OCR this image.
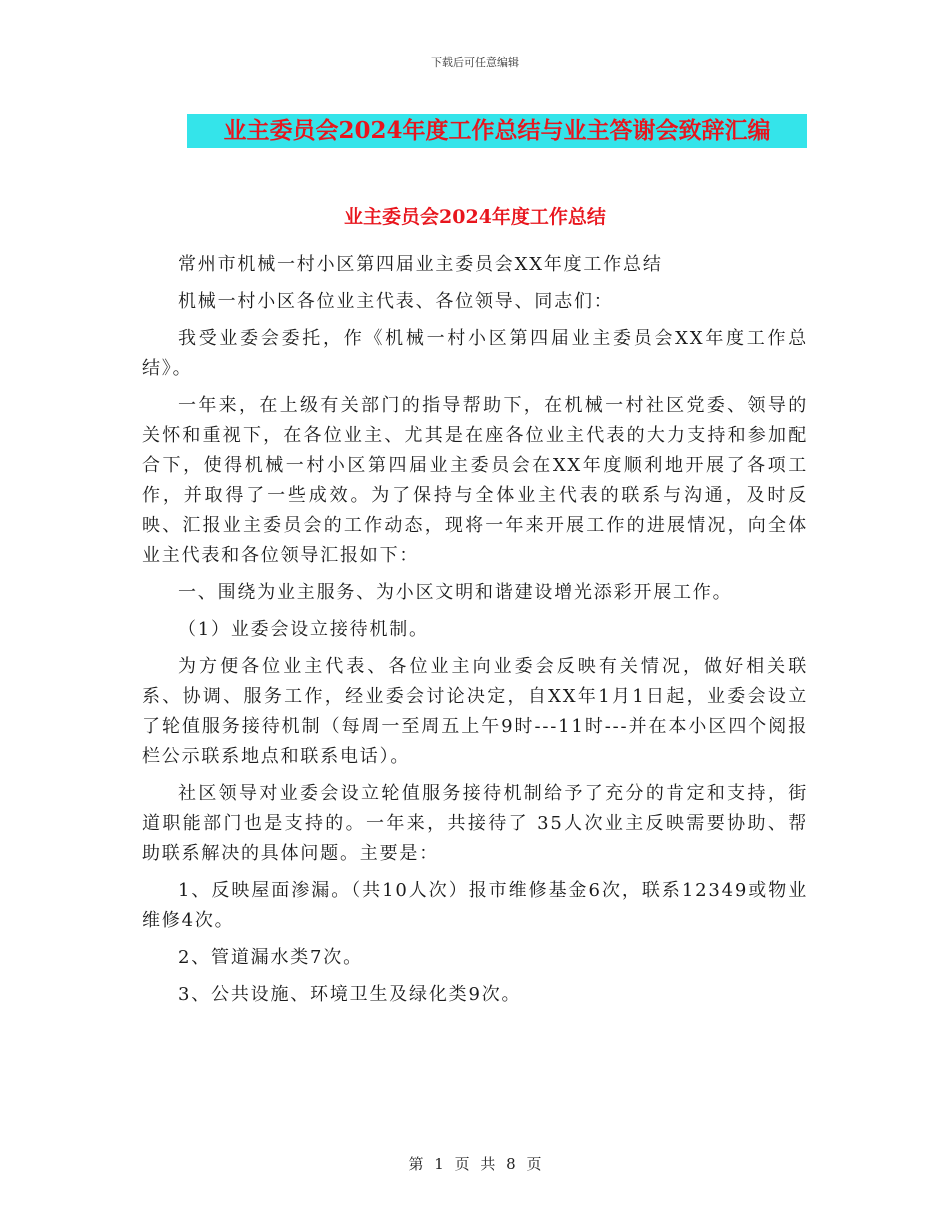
下载后可任意编辑
业主委员会2024年度工作总结与业主答谢会致辞汇编
业主委员会2024年度工作总结

常州市机械一村小区第四届业主委员会XX年度工作总结

机械一村小区各位业主代表、各位领导、同志们：

我受业委会委托，作《机械一村小区第四届业主委员会XX年度工作总结》。

一年来，在上级有关部门的指导帮助下，在机械一村社区党委、领导的关怀和重视下，在各位业主、尤其是在座各位业主代表的大力支持和参加配合下，使得机械一村小区第四届业主委员会在XX年度顺利地开展了各项工作，并取得了一些成效。为了保持与全体业主代表的联系与沟通，及时反映、汇报业主委员会的工作动态，现将一年来开展工作的进展情况，向全体业主代表和各位领导汇报如下：

一、围绕为业主服务、为小区文明和谐建设增光添彩开展工作。

（1）业委会设立接待机制。

为方便各位业主代表、各位业主向业委会反映有关情况，做好相关联系、协调、服务工作，经业委会讨论决定，自XX年1月1日起，业委会设立了轮值服务接待机制（每周一至周五上午9时---11时---并在本小区四个阅报栏公示联系地点和联系电话）。

社区领导对业委会设立轮值服务接待机制给予了充分的肯定和支持，街道职能部门也是支持的。一年来，共接待了 35人次业主反映需要协助、帮助联系解决的具体问题。主要是：

1、反映屋面渗漏。（共10人次）报市维修基金6次，联系12349或物业维修4次。

2、管道漏水类7次。

3、公共设施、环境卫生及绿化类9次。

第 1 页 共 8 页
